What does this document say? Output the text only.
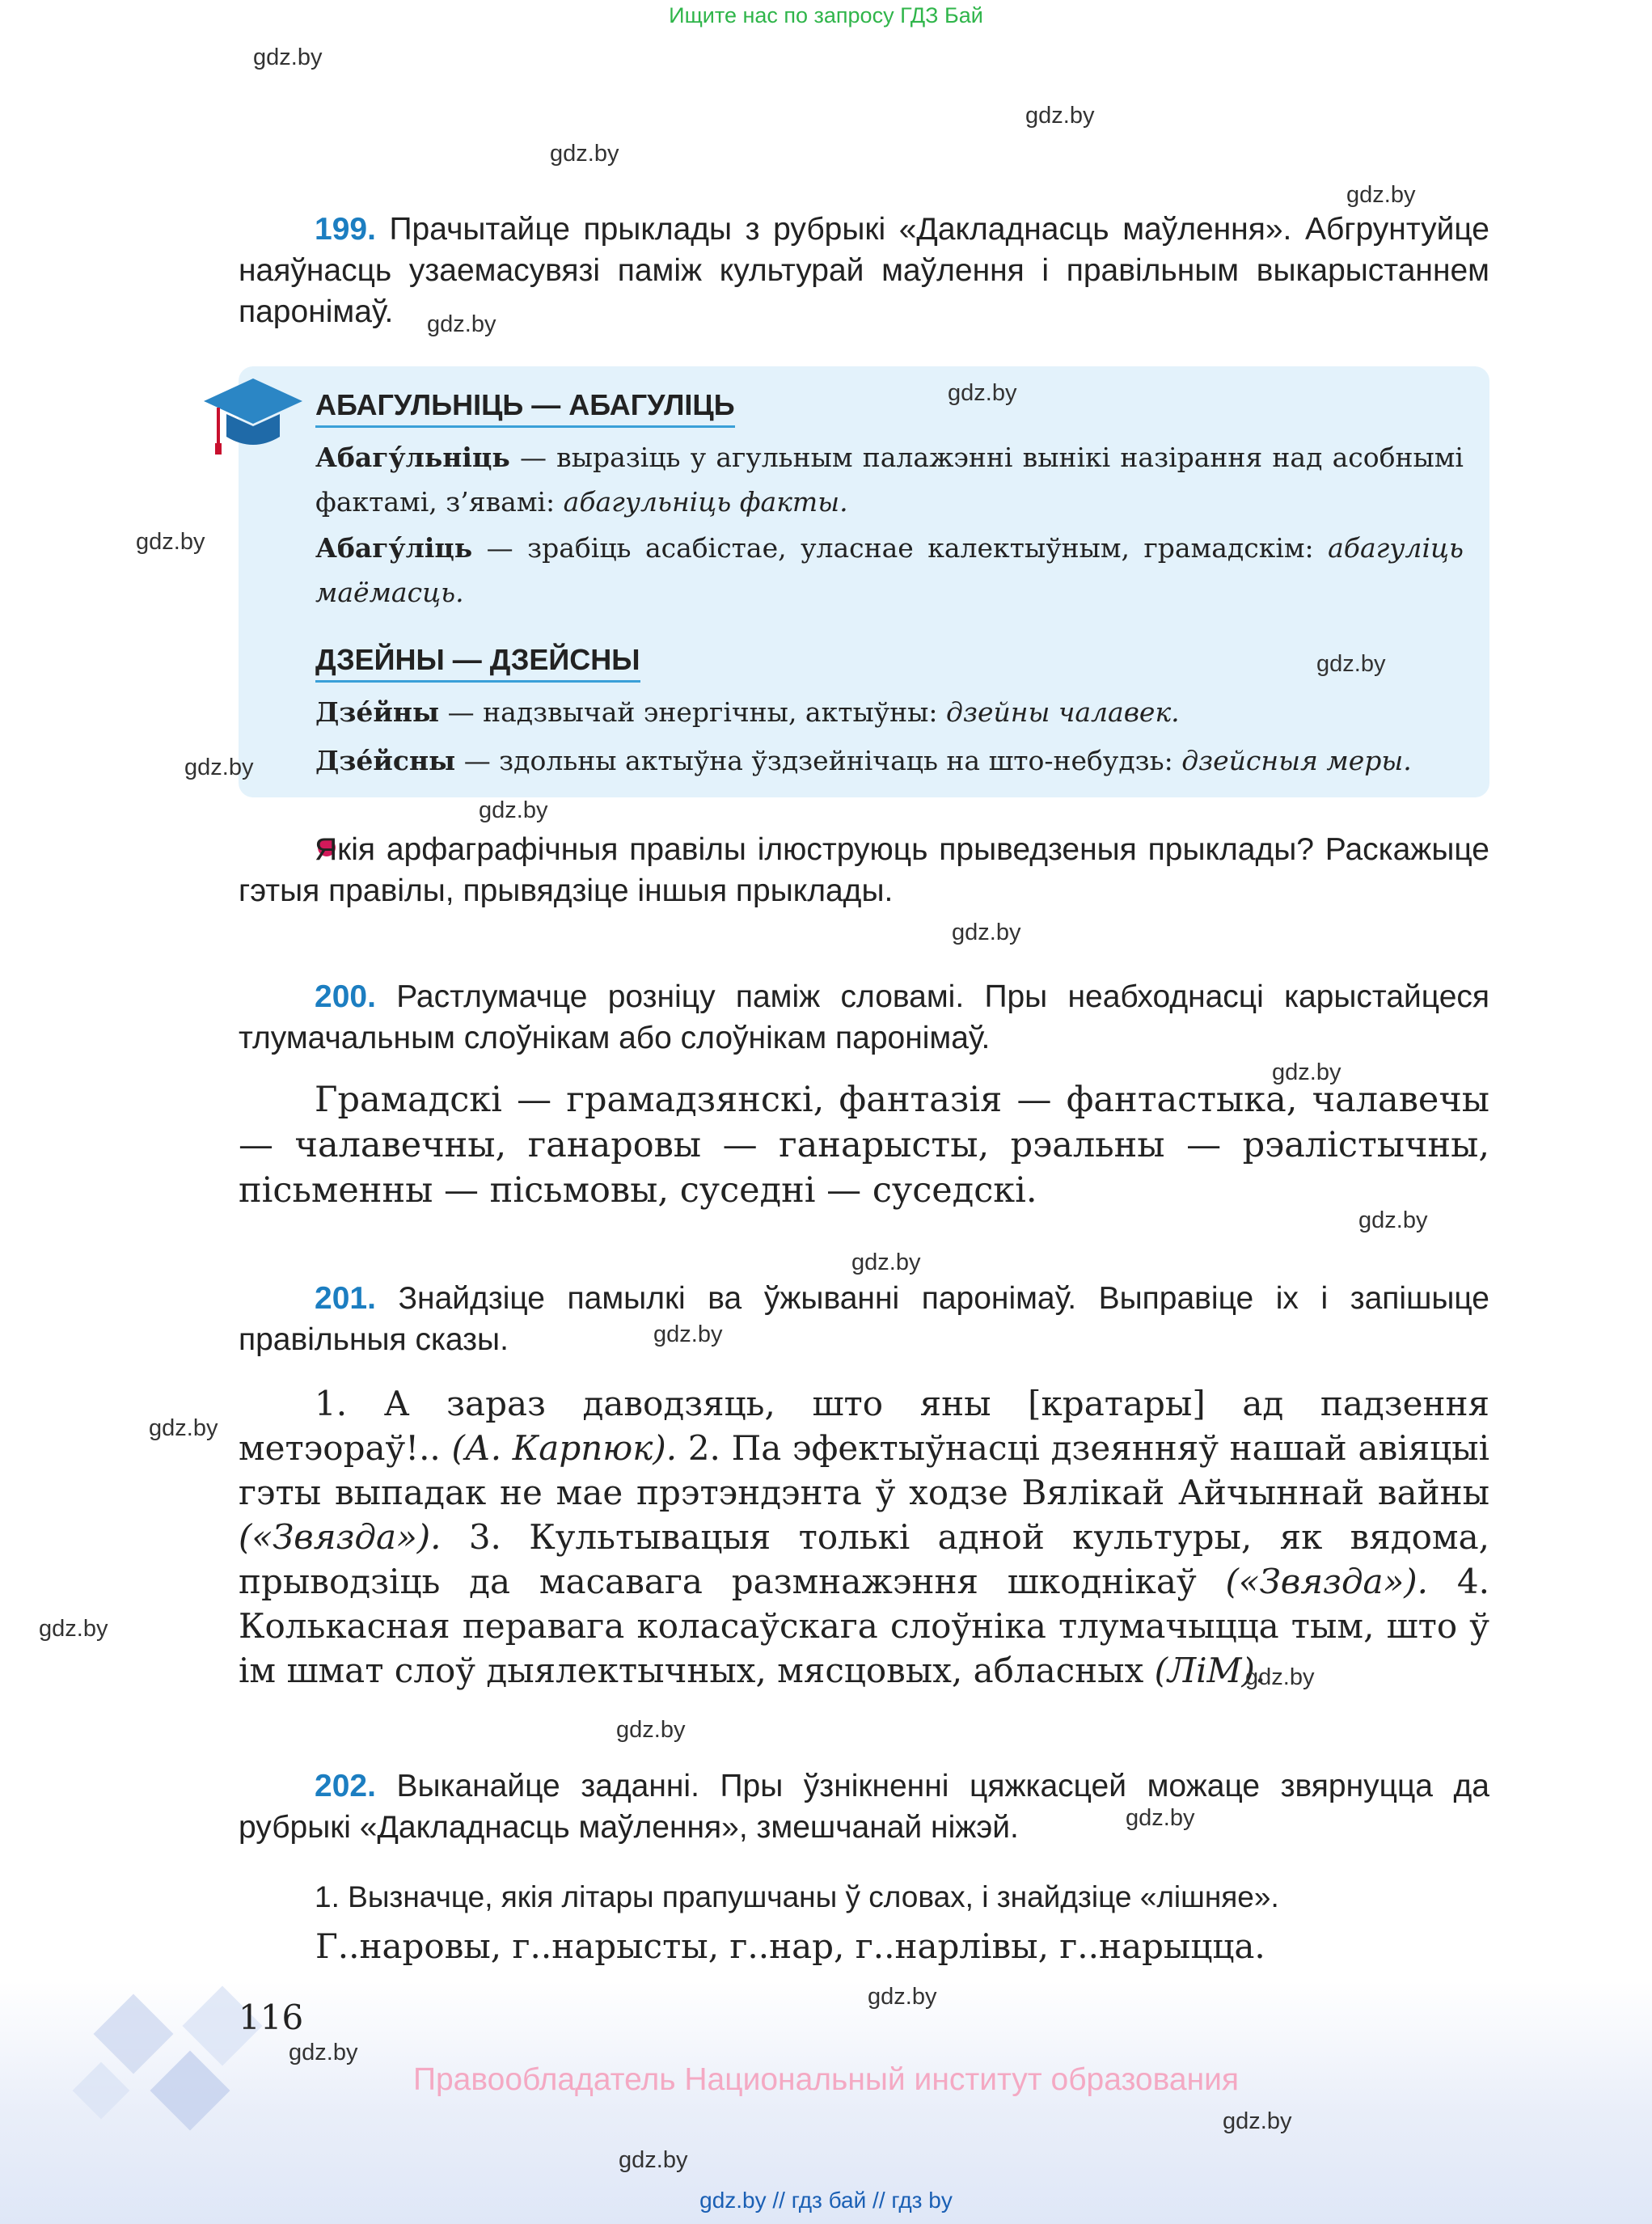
Ищите нас по запросу ГДЗ Бай
gdz.by
gdz.by
gdz.by
gdz.by
gdz.by
199. Прачытайце прыклады з рубрыкі «Дакладнасць маўлення». Абгрунтуйце наяўнасць узаемасувязі паміж культурай маўлення і правільным выкарыстаннем паронімаў.
gdz.by
АБАГУЛЬНІЦЬ — АБАГУЛІЦЬ
Абагу́льніць — выразіць у агульным палажэнні вынікі назірання над асобнымі фактамі, з’явамі: абагульніць факты.
Абагу́ліць — зрабіць асабістае, уласнае калектыўным, грамадскім: абагуліць маёмасць.
gdz.by
ДЗЕЙНЫ — ДЗЕЙСНЫ	gdz.by
Дзе́йны — надзвычай энергічны, актыўны: дзейны чалавек.
Дзе́йсны — здольны актыўна ўздзейнічаць на што-небудзь: дзейсныя меры.
gdz.by
gdz.by
Якія арфаграфічныя правілы ілюструюць прыведзеныя прыклады? Раскажыце гэтыя правілы, прывядзіце іншыя прыклады.
gdz.by
200. Растлумачце розніцу паміж словамі. Пры неабходнасці карыстайцеся тлумачальным слоўнікам або слоўнікам паронімаў.
gdz.by
Грамадскі — грамадзянскі, фантазія — фантастыка, чалавечы — чалавечны, ганаровы — ганарысты, рэальны — рэалістычны, пісьменны — пісьмовы, суседні — суседскі.
gdz.by
gdz.by
201. Знайдзіце памылкі ва ўжыванні паронімаў. Выправіце іх і запішыце правільныя сказы.	gdz.by
gdz.by
1. А зараз даводзяць, што яны [кратары] ад падзення метэораў!.. (А. Карпюк). 2. Па эфектыўнасці дзеянняў нашай авіяцыі гэты выпадак не мае прэтэндэнта ў ходзе Вялікай Айчыннай вайны («Звязда»). 3. Культывацыя толькі адной культуры, як вядома, прыводзіць да масавага размнажэння шкоднікаў («Звязда»). 4. Колькасная перавага коласаўскага слоўніка тлумачыцца тым, што ў ім шмат слоў дыялектычных, мясцовых, абласных (ЛіМ).
gdz.by
gdz.by
gdz.by
202. Выканайце заданні. Пры ўзнікненні цяжкасцей можаце звярнуцца да рубрыкі «Дакладнасць маўлення», змешчанай ніжэй.	gdz.by
1. Вызначце, якія літары прапушчаны ў словах, і знайдзіце «лішняе».
Г..наровы, г..нарысты, г..нар, г..нарлівы, г..нарыцца.
gdz.by
116
gdz.by
Правообладатель Национальный институт образования
gdz.by
gdz.by
gdz.by // гдз бай // гдз by
